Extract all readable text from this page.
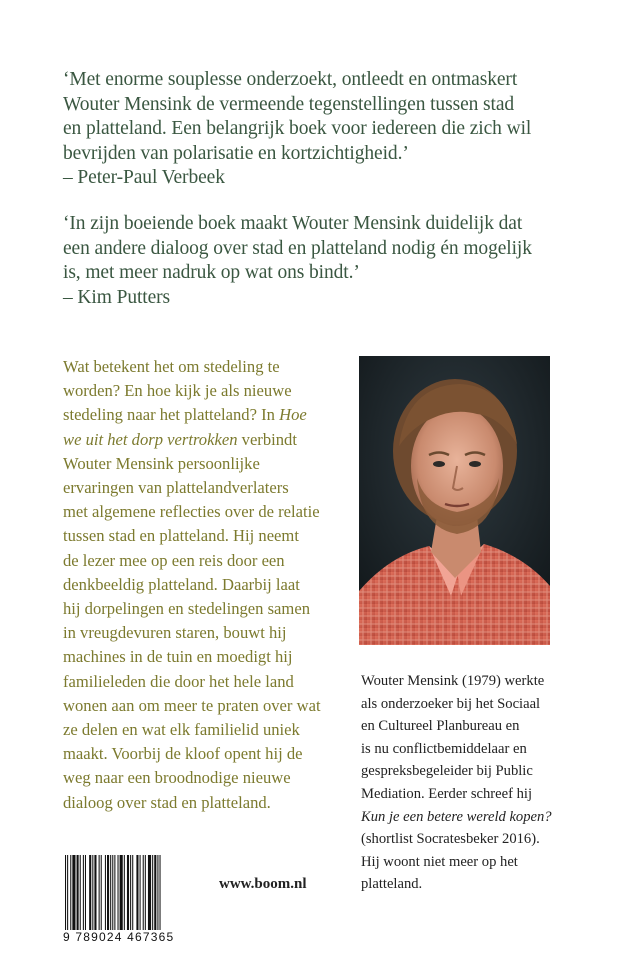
‘Met enorme souplesse onderzoekt, ontleedt en ontmaskert

Wouter Mensink de vermeende tegenstellingen tussen stad

en platteland. Een belangrijk boek voor iedereen die zich wil

bevrijden van polarisatie en kortzichtigheid.’

– Peter-Paul Verbeek

‘In zijn boeiende boek maakt Wouter Mensink duidelijk dat

een andere dialoog over stad en platteland nodig én mogelijk

is, met meer nadruk op wat ons bindt.’

– Kim Putters

Wat betekent het om stedeling te
worden? En hoe kijk je als nieuwe
stedeling naar het platteland? In Hoe
we uit het dorp vertrokken verbindt
Wouter Mensink persoonlijke
ervaringen van plattelandverlaters
met algemene reflecties over de relatie
tussen stad en platteland. Hij neemt
de lezer mee op een reis door een
denkbeeldig platteland. Daarbij laat
hij dorpelingen en stedelingen samen
in vreugdevuren staren, bouwt hij
machines in de tuin en moedigt hij
familieleden die door het hele land
wonen aan om meer te praten over wat
ze delen en wat elk familielid uniek
maakt. Voorbij de kloof opent hij de
weg naar een broodnodige nieuwe
dialoog over stad en platteland.
Wouter Mensink (1979) werkte
als onderzoeker bij het Sociaal
en Cultureel Planbureau en
is nu conflictbemiddelaar en
gespreksbegeleider bij Public
Mediation. Eerder schreef hij
Kun je een betere wereld kopen?
(shortlist Socratesbeker 2016).
Hij woont niet meer op het
platteland.
9 789024 467365
www.boom.nl
